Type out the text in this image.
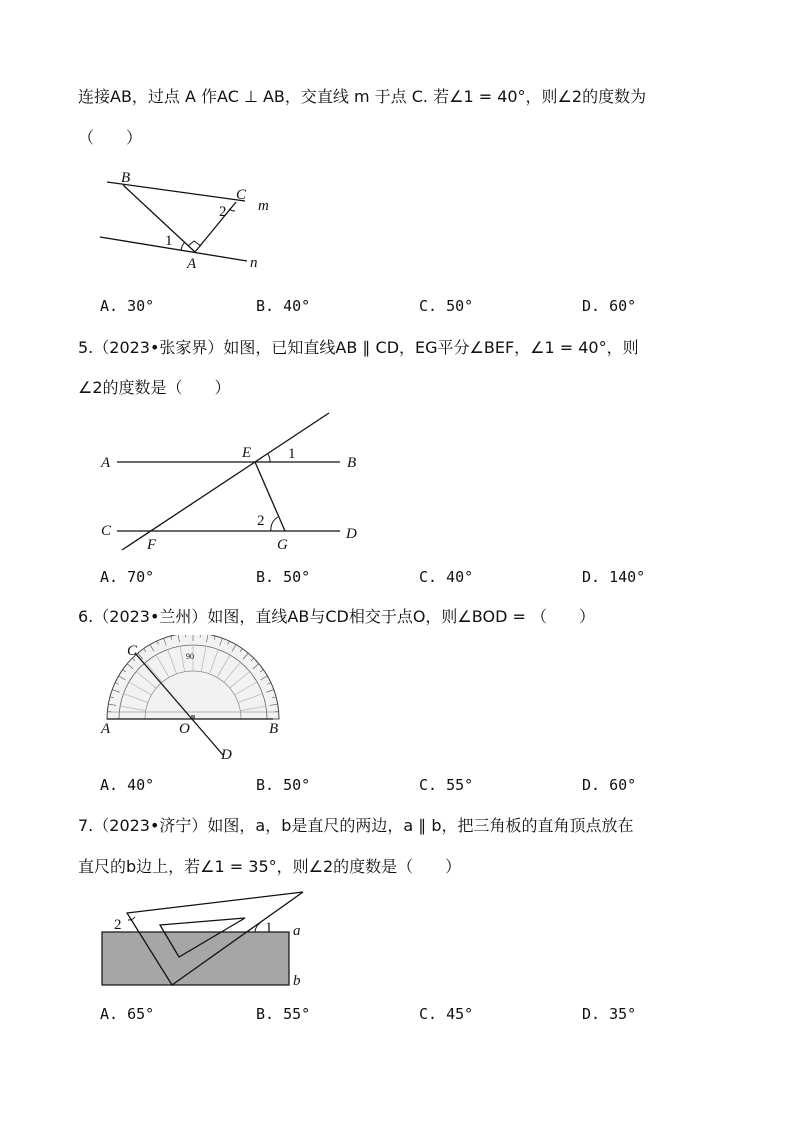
连接AB，过点 A 作AC ⊥ AB，交直线 m 于点 C. 若∠1 = 40°，则∠2的度数为
（　　）
B
C
m
2
1
A	n
A. 30°	B. 40°	C. 50°	D. 60°
5.（2023•张家界）如图，已知直线AB ∥ CD，EG平分∠BEF，∠1 = 40°，则
∠2的度数是（　　）
A
E 1
B
C
2
D
F	G
A. 70°	B. 50°	C. 40°	D. 140°
6.（2023•兰州）如图，直线AB与CD相交于点O，则∠BOD = （　　）
90
C
A	O	B
D
A. 40°	B. 50°	C. 55°	D. 60°
7.（2023•济宁）如图，a，b是直尺的两边，a ∥ b，把三角板的直角顶点放在
直尺的b边上，若∠1 = 35°，则∠2的度数是（　　）
2	1 a
b
A. 65°	B. 55°	C. 45°	D. 35°
